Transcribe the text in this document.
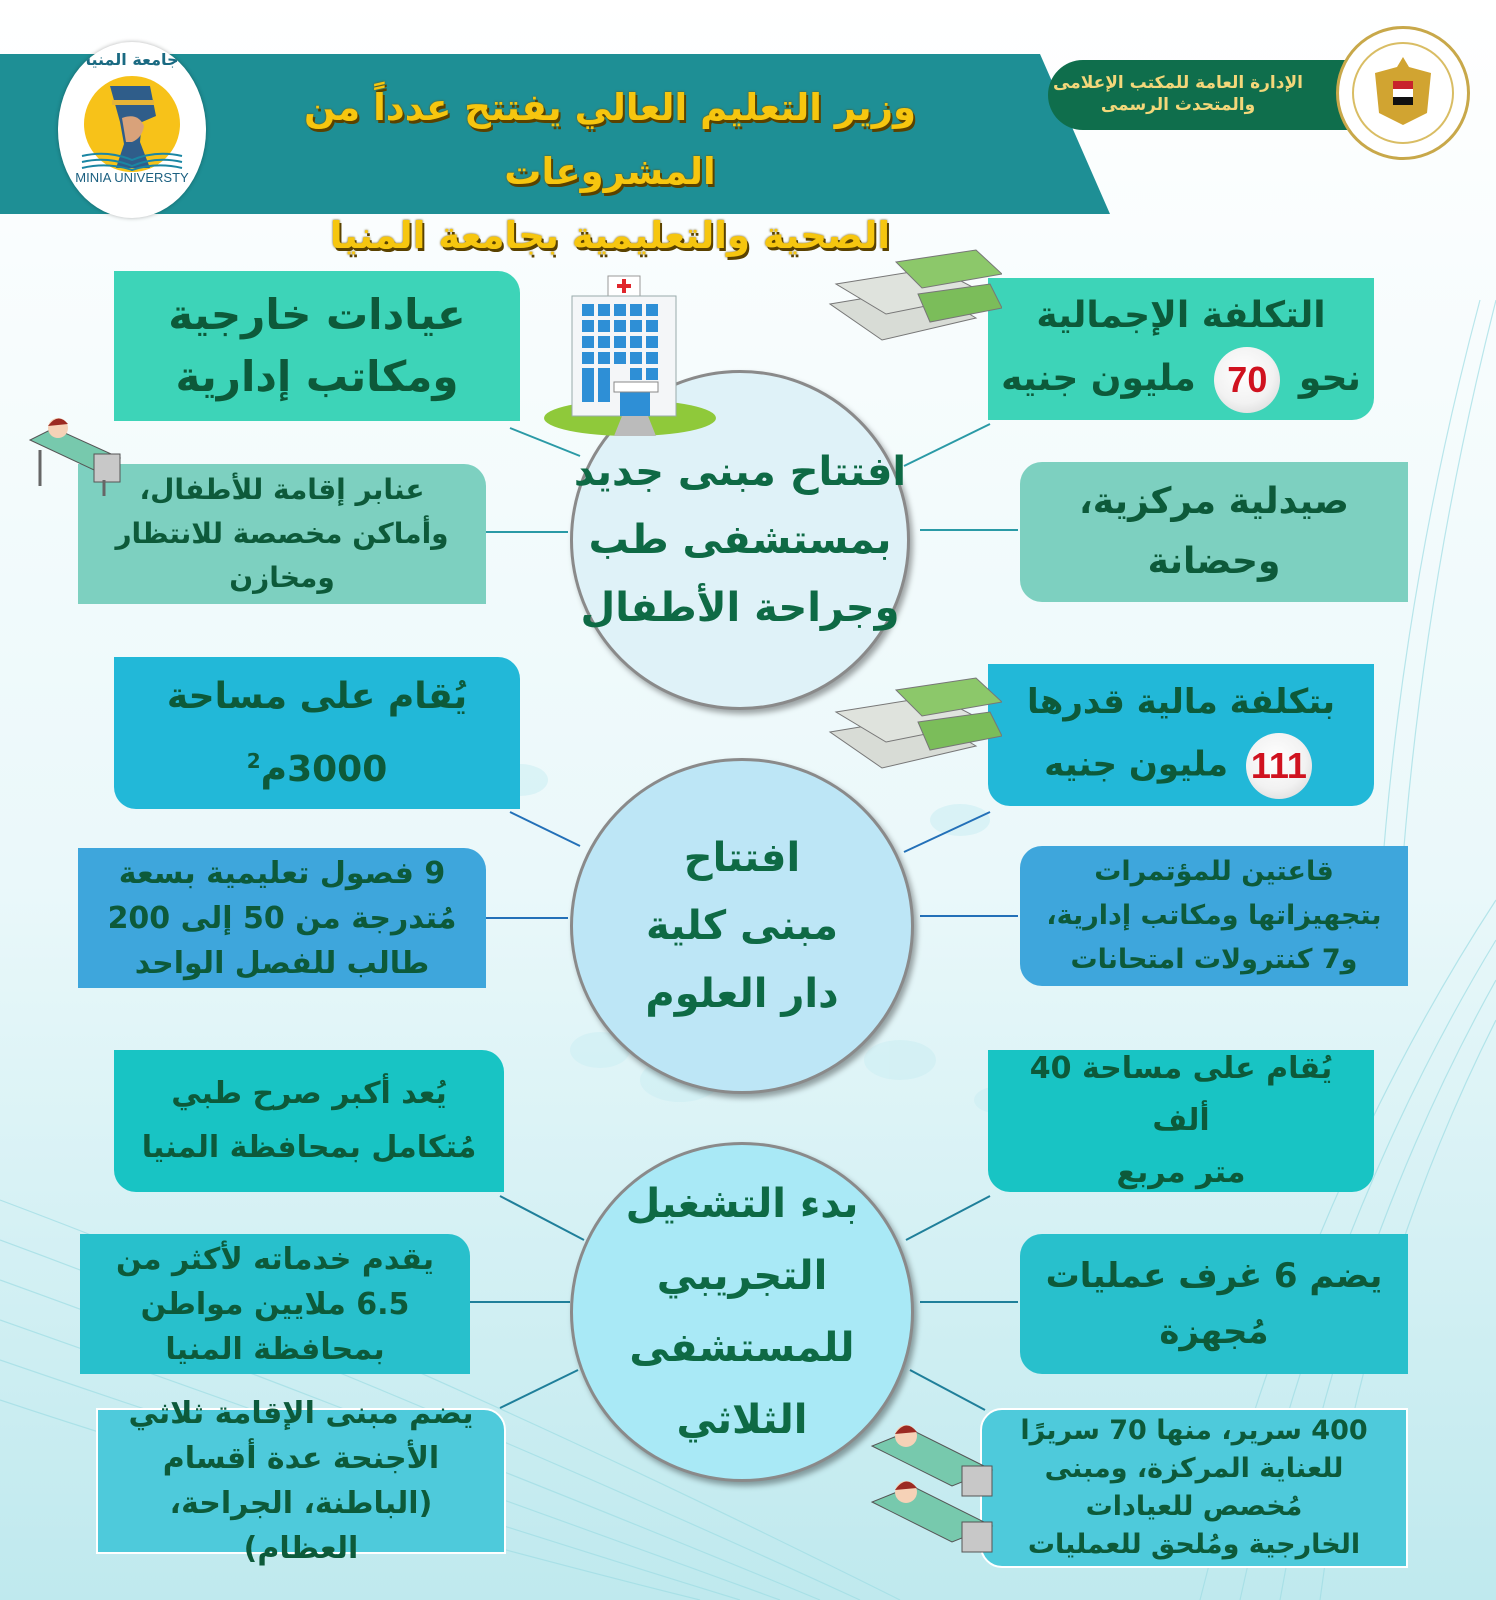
وزير التعليم العالي يفتتح عدداً من المشروعات
الصحية والتعليمية بجامعة المنيا
جامعة المنيا
MINIA UNIVERSTY
الإدارة العامة للمكتب الإعلامى
والمتحدث الرسمى
افتتاح مبنى جديد
بمستشفى طب
وجراحة الأطفال
عيادات خارجية
ومكاتب إدارية
عنابر إقامة للأطفال،
وأماكن مخصصة للانتظار
ومخازن
التكلفة الإجمالية
نحو 70 مليون جنيه
صيدلية مركزية،
وحضانة
افتتاح
مبنى كلية
دار العلوم
يُقام على مساحة
3000م$^2$
9 فصول تعليمية بسعة
مُتدرجة من 50 إلى 200
طالب للفصل الواحد
بتكلفة مالية قدرها
111 مليون جنيه
قاعتين للمؤتمرات
بتجهيزاتها ومكاتب إدارية،
و7 كنترولات امتحانات
بدء التشغيل
التجريبي
للمستشفى
الثلاثي
يُعد أكبر صرح طبي
مُتكامل بمحافظة المنيا
يقدم خدماته لأكثر من
6.5 ملايين مواطن
بمحافظة المنيا
يضم مبنى الإقامة ثلاثي
الأجنحة عدة أقسام
(الباطنة، الجراحة، العظام)
يُقام على مساحة 40 ألف
متر مربع
يضم 6 غرف عمليات
مُجهزة
400 سرير، منها 70 سريرًا
للعناية المركزة، ومبنى
مُخصص للعيادات
الخارجية ومُلحق للعمليات
